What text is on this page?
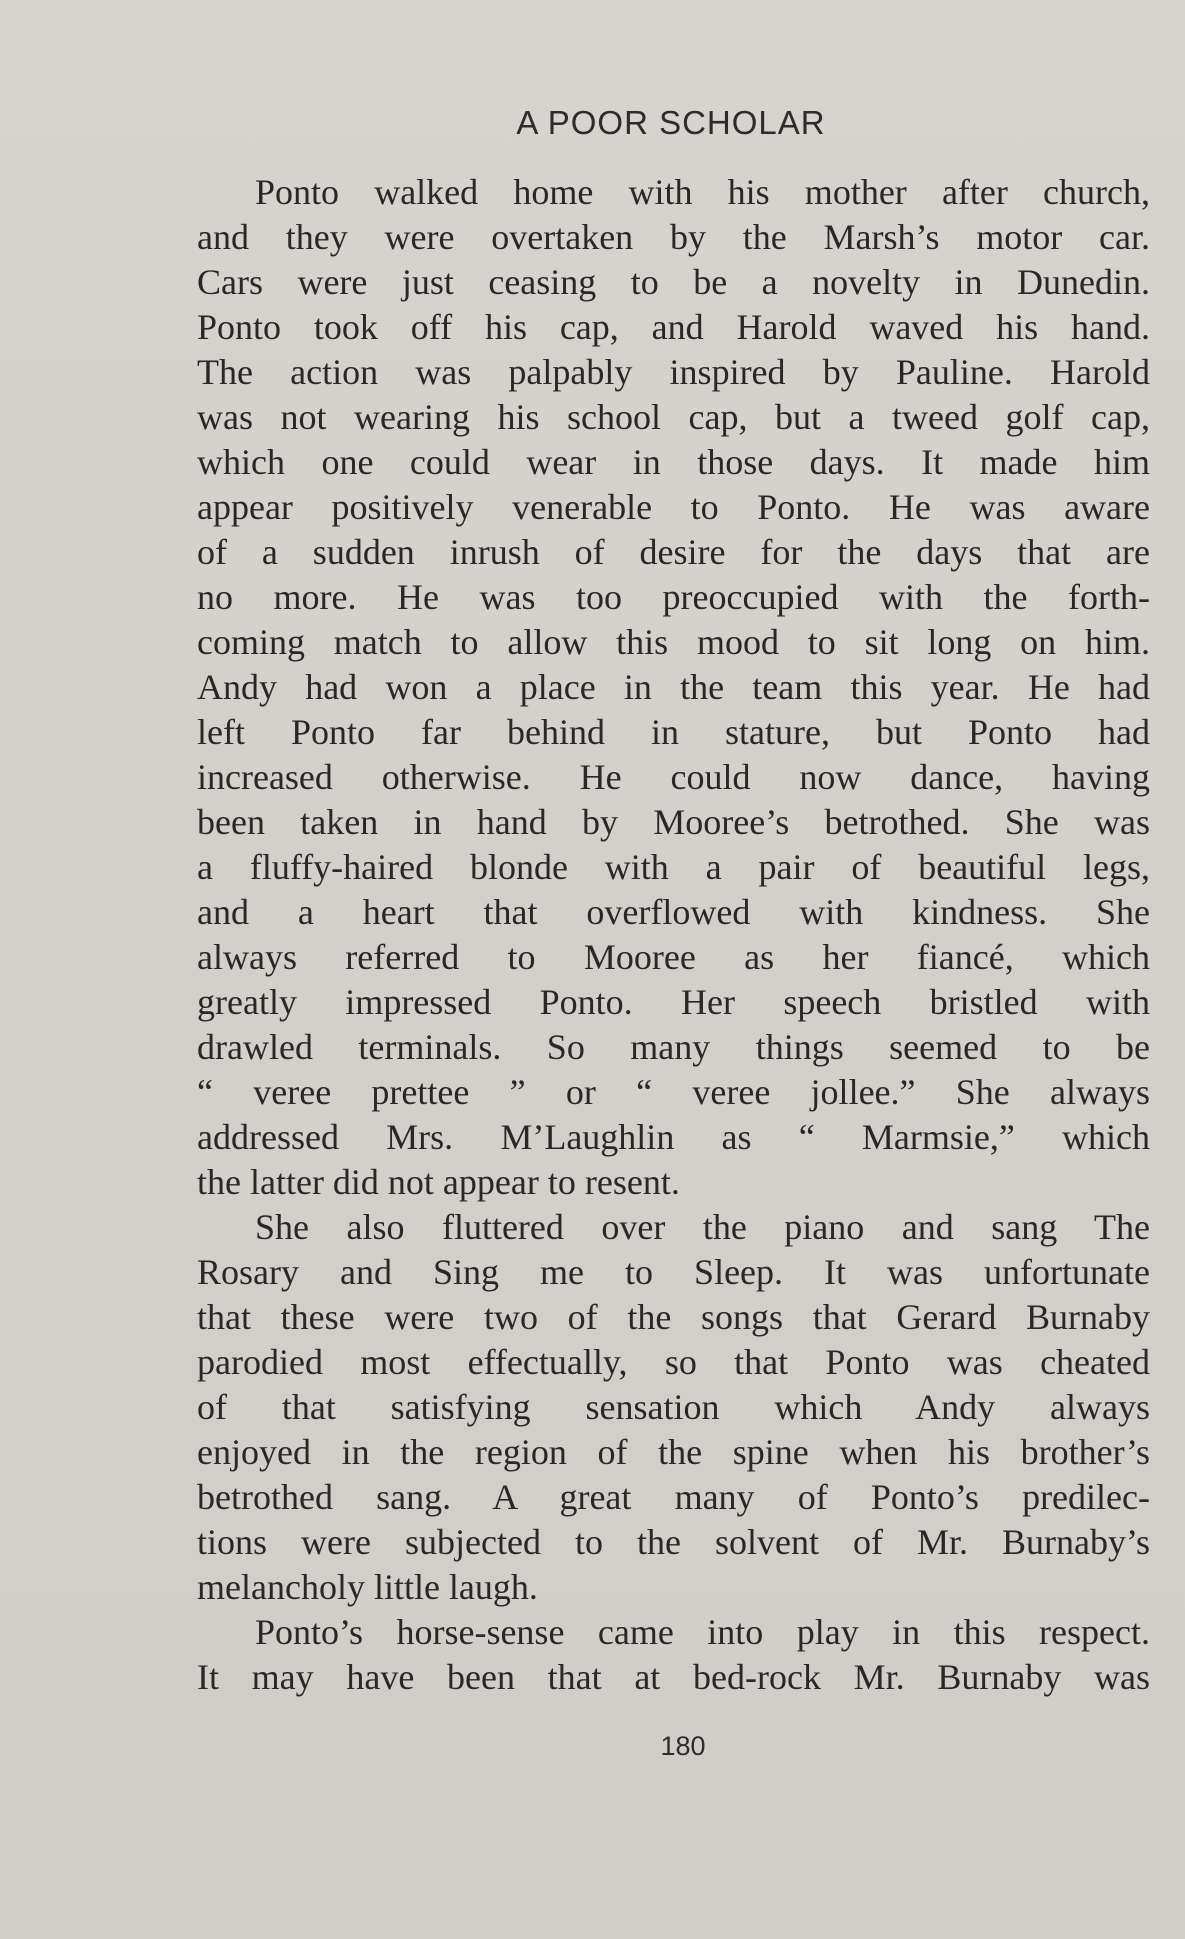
A POOR SCHOLAR
Ponto walked home with his mother after church,
and they were overtaken by the Marsh’s motor car.
Cars were just ceasing to be a novelty in Dunedin.
Ponto took off his cap, and Harold waved his hand.
The action was palpably inspired by Pauline. Harold
was not wearing his school cap, but a tweed golf cap,
which one could wear in those days. It made him
appear positively venerable to Ponto. He was aware
of a sudden inrush of desire for the days that are
no more. He was too preoccupied with the forth-
coming match to allow this mood to sit long on him.
Andy had won a place in the team this year. He had
left Ponto far behind in stature, but Ponto had
increased otherwise. He could now dance, having
been taken in hand by Mooree’s betrothed. She was
a fluffy-haired blonde with a pair of beautiful legs,
and a heart that overflowed with kindness. She
always referred to Mooree as her fiancé, which
greatly impressed Ponto. Her speech bristled with
drawled terminals. So many things seemed to be
“ veree prettee ” or “ veree jollee.” She always
addressed Mrs. M’Laughlin as “ Marmsie,” which
the latter did not appear to resent.
She also fluttered over the piano and sang The
Rosary and Sing me to Sleep. It was unfortunate
that these were two of the songs that Gerard Burnaby
parodied most effectually, so that Ponto was cheated
of that satisfying sensation which Andy always
enjoyed in the region of the spine when his brother’s
betrothed sang. A great many of Ponto’s predilec-
tions were subjected to the solvent of Mr. Burnaby’s
melancholy little laugh.
Ponto’s horse-sense came into play in this respect.
It may have been that at bed-rock Mr. Burnaby was
180
